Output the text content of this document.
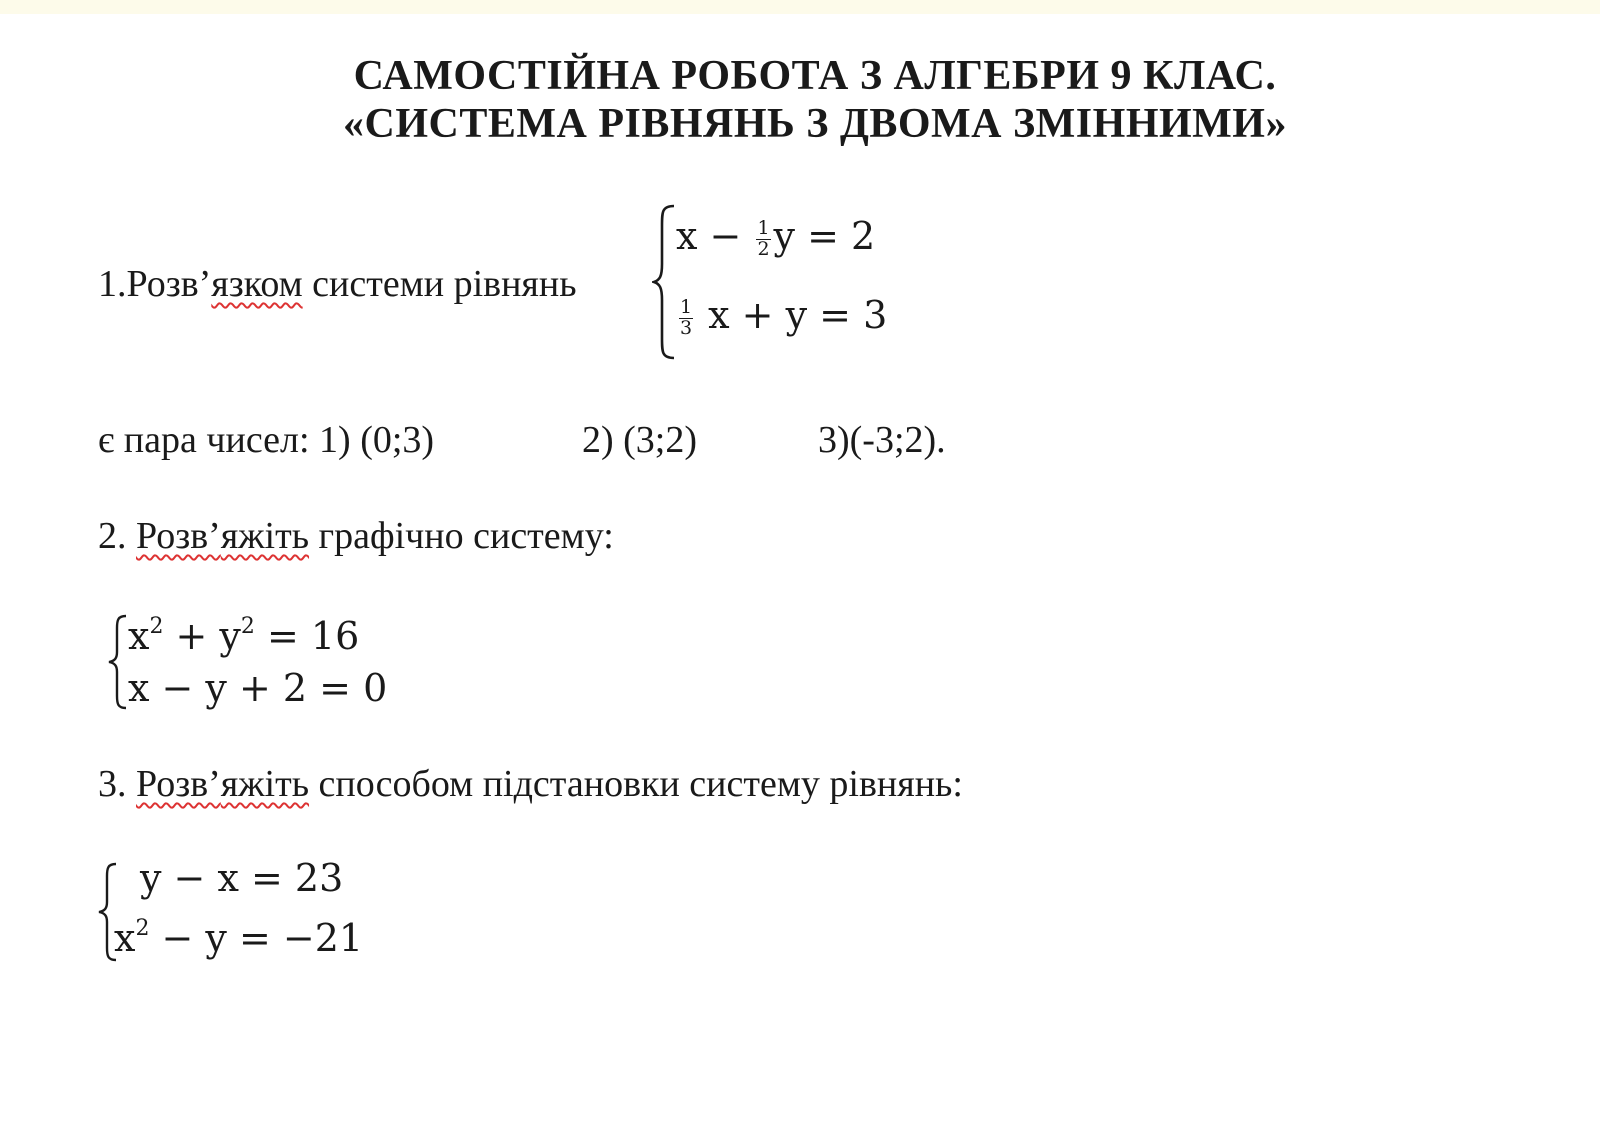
САМОСТІЙНА РОБОТА З АЛГЕБРИ 9 КЛАС.
«СИСТЕМА РІВНЯНЬ З ДВОМА ЗМІННИМИ»
1.Розв’язком системи рівнянь
$x - \frac{1}{2}$ y = 2
$\frac{1}{3}$ x + y = 3
є пара чисел: 1) (0;3)	2) (3;2)	3)(-3;2).
2. Розв’яжіть графічно систему:
$x^2 + y^2 = 16$
x − y + 2 = 0
3. Розв’яжіть способом підстановки систему рівнянь:
y − x = 23
$x^2 - y = -21$
